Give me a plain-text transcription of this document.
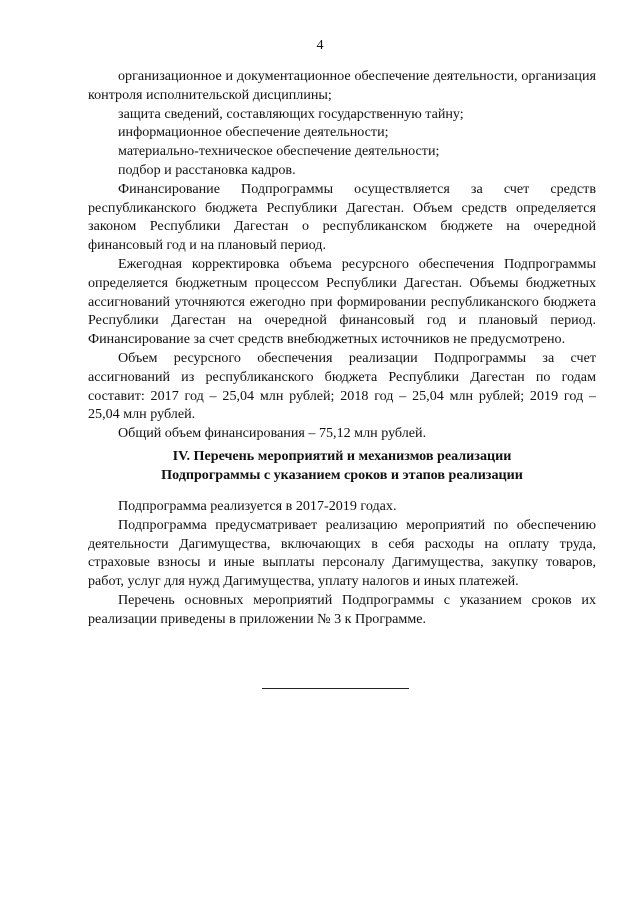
4

организационное и документационное обеспечение деятельности, организация контроля исполнительской дисциплины;

защита сведений, составляющих государственную тайну;

информационное обеспечение деятельности;

материально-техническое обеспечение деятельности;

подбор и расстановка кадров.

Финансирование Подпрограммы осуществляется за счет средств республиканского бюджета Республики Дагестан. Объем средств определяется законом Республики Дагестан о республиканском бюджете на очередной финансовый год и на плановый период.

Ежегодная корректировка объема ресурсного обеспечения Подпрограммы определяется бюджетным процессом Республики Дагестан. Объемы бюджетных ассигнований уточняются ежегодно при формировании республиканского бюджета Республики Дагестан на очередной финансовый год и плановый период. Финансирование за счет средств внебюджетных источников не предусмотрено.

Объем ресурсного обеспечения реализации Подпрограммы за счет ассигнований из республиканского бюджета Республики Дагестан по годам составит: 2017 год – 25,04 млн рублей; 2018 год – 25,04 млн рублей; 2019 год – 25,04 млн рублей.

Общий объем финансирования – 75,12 млн рублей.

IV. Перечень мероприятий и механизмов реализации
Подпрограммы с указанием сроков и этапов реализации

Подпрограмма реализуется в 2017-2019 годах.

Подпрограмма предусматривает реализацию мероприятий по обеспечению деятельности Дагимущества, включающих в себя расходы на оплату труда, страховые взносы и иные выплаты персоналу Дагимущества, закупку товаров, работ, услуг для нужд Дагимущества, уплату налогов и иных платежей.

Перечень основных мероприятий Подпрограммы с указанием сроков их реализации приведены в приложении № 3 к Программе.
